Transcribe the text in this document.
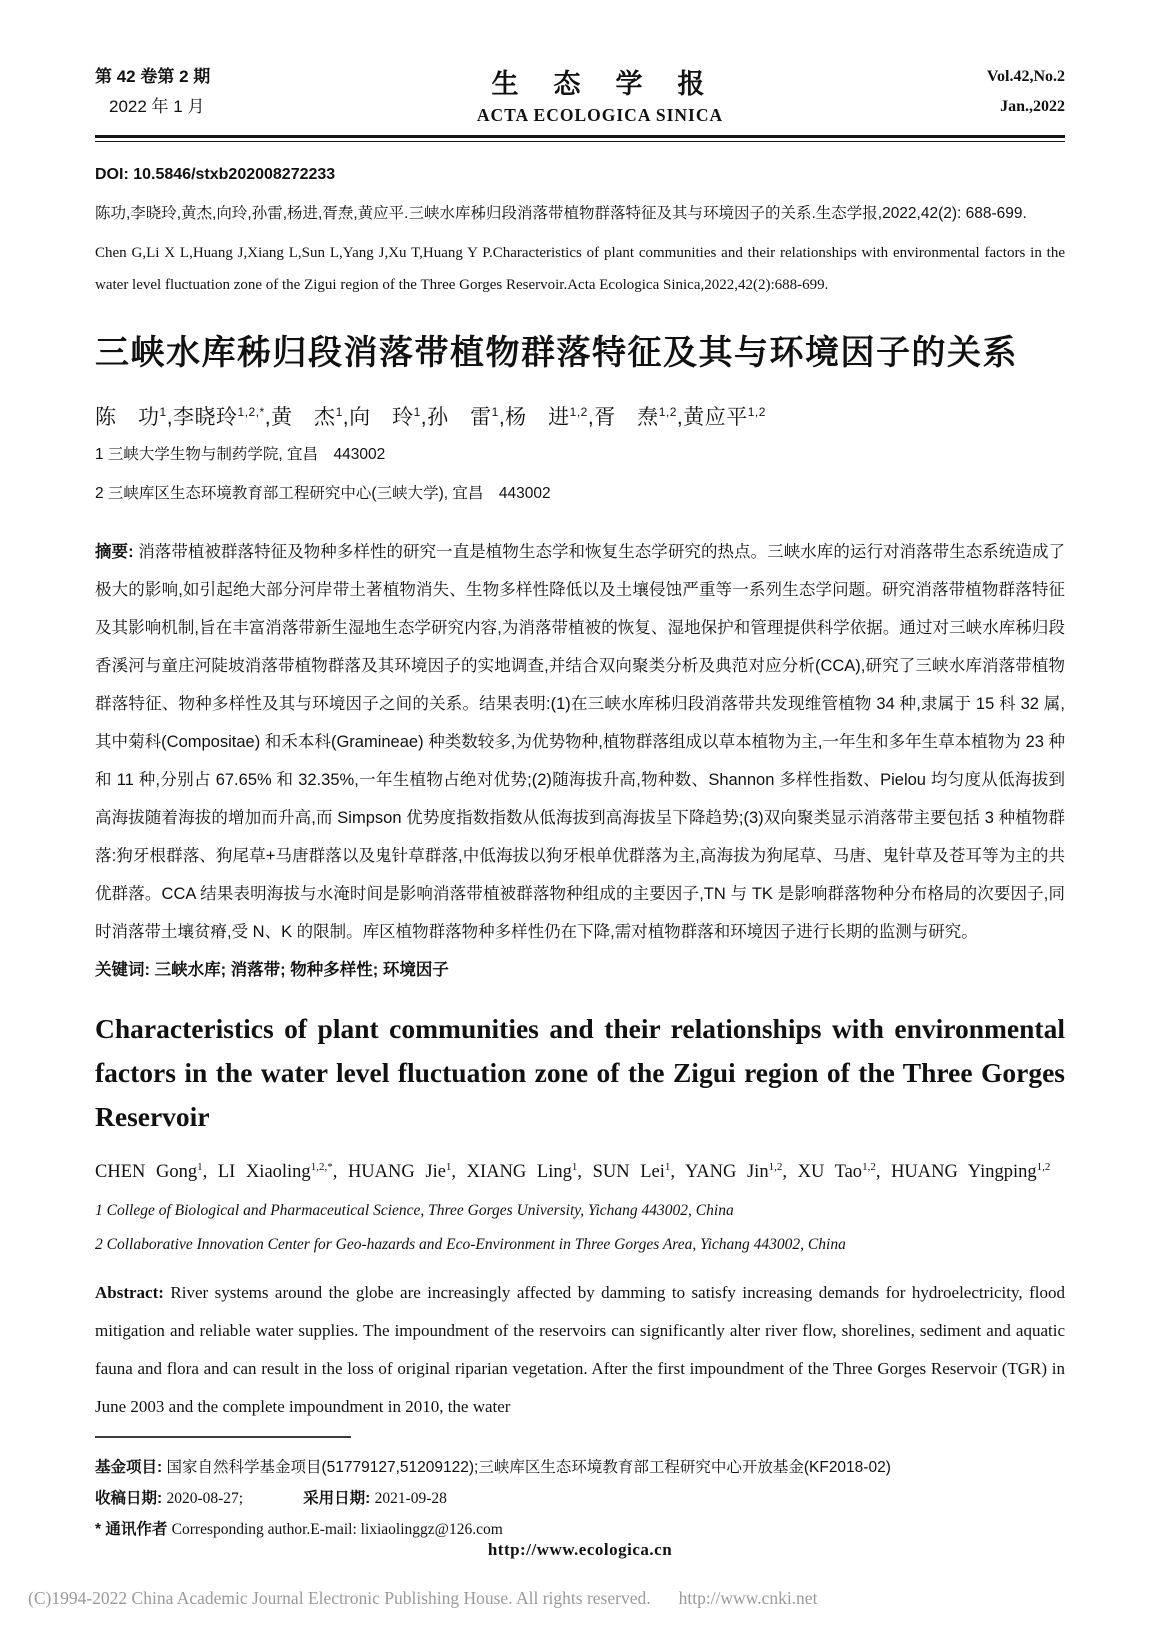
第 42 卷第 2 期
2022 年 1 月
生　态　学　报
ACTA ECOLOGICA SINICA
Vol.42,No.2
Jan.,2022

DOI: 10.5846/stxb202008272233

陈功,李晓玲,黄杰,向玲,孙雷,杨进,胥焘,黄应平.三峡水库秭归段消落带植物群落特征及其与环境因子的关系.生态学报,2022,42(2): 688-699.

Chen G,Li X L,Huang J,Xiang L,Sun L,Yang J,Xu T,Huang Y P.Characteristics of plant communities and their relationships with environmental factors in the water level fluctuation zone of the Zigui region of the Three Gorges Reservoir.Acta Ecologica Sinica,2022,42(2):688-699.

三峡水库秭归段消落带植物群落特征及其与环境因子的关系

陈　功$^1$,李晓玲$^{1,2,*}$,黄　杰$^1$,向　玲$^1$,孙　雷$^1$,杨　进$^{1,2}$,胥　焘$^{1,2}$,黄应平$^{1,2}$

1 三峡大学生物与制药学院, 宜昌　443002

2 三峡库区生态环境教育部工程研究中心(三峡大学), 宜昌　443002

摘要: 消落带植被群落特征及物种多样性的研究一直是植物生态学和恢复生态学研究的热点。三峡水库的运行对消落带生态系统造成了极大的影响,如引起绝大部分河岸带土著植物消失、生物多样性降低以及土壤侵蚀严重等一系列生态学问题。研究消落带植物群落特征及其影响机制,旨在丰富消落带新生湿地生态学研究内容,为消落带植被的恢复、湿地保护和管理提供科学依据。通过对三峡水库秭归段香溪河与童庄河陡坡消落带植物群落及其环境因子的实地调查,并结合双向聚类分析及典范对应分析(CCA),研究了三峡水库消落带植物群落特征、物种多样性及其与环境因子之间的关系。结果表明:(1)在三峡水库秭归段消落带共发现维管植物 34 种,隶属于 15 科 32 属,其中菊科(Compositae) 和禾本科(Gramineae) 种类数较多,为优势物种,植物群落组成以草本植物为主,一年生和多年生草本植物为 23 种和 11 种,分别占 67.65% 和 32.35%,一年生植物占绝对优势;(2)随海拔升高,物种数、Shannon 多样性指数、Pielou 均匀度从低海拔到高海拔随着海拔的增加而升高,而 Simpson 优势度指数指数从低海拔到高海拔呈下降趋势;(3)双向聚类显示消落带主要包括 3 种植物群落:狗牙根群落、狗尾草+马唐群落以及鬼针草群落,中低海拔以狗牙根单优群落为主,高海拔为狗尾草、马唐、鬼针草及苍耳等为主的共优群落。CCA 结果表明海拔与水淹时间是影响消落带植被群落物种组成的主要因子,TN 与 TK 是影响群落物种分布格局的次要因子,同时消落带土壤贫瘠,受 N、K 的限制。库区植物群落物种多样性仍在下降,需对植物群落和环境因子进行长期的监测与研究。

关键词: 三峡水库; 消落带; 物种多样性; 环境因子

Characteristics of plant communities and their relationships with environmental factors in the water level fluctuation zone of the Zigui region of the Three Gorges Reservoir

CHEN Gong$^1$, LI Xiaoling$^{1,2,*}$, HUANG Jie$^1$, XIANG Ling$^1$, SUN Lei$^1$, YANG Jin$^{1,2}$, XU Tao$^{1,2}$, HUANG Yingping$^{1,2}$

1 College of Biological and Pharmaceutical Science, Three Gorges University, Yichang 443002, China

2 Collaborative Innovation Center for Geo-hazards and Eco-Environment in Three Gorges Area, Yichang 443002, China

Abstract: River systems around the globe are increasingly affected by damming to satisfy increasing demands for hydroelectricity, flood mitigation and reliable water supplies. The impoundment of the reservoirs can significantly alter river flow, shorelines, sediment and aquatic fauna and flora and can result in the loss of original riparian vegetation. After the first impoundment of the Three Gorges Reservoir (TGR) in June 2003 and the complete impoundment in 2010, the water

基金项目: 国家自然科学基金项目(51779127,51209122);三峡库区生态环境教育部工程研究中心开放基金(KF2018-02)

收稿日期: 2020-08-27;	采用日期: 2021-09-28

* 通讯作者 Corresponding author.E-mail: lixiaolinggz@126.com

http://www.ecologica.cn
(C)1994-2022 China Academic Journal Electronic Publishing House. All rights reserved. http://www.cnki.net
